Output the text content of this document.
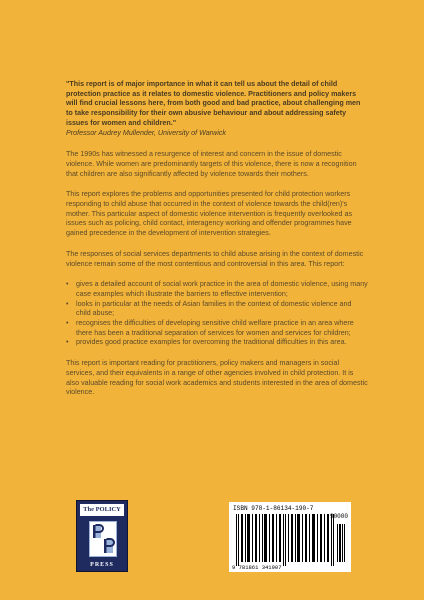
"This report is of major importance in what it can tell us about the detail of child protection practice as it relates to domestic violence. Practitioners and policy makers will find crucial lessons here, from both good and bad practice, about challenging men to take responsibility for their own abusive behaviour and about addressing safety issues for women and children."

Professor Audrey Mullender, University of Warwick

The 1990s has witnessed a resurgence of interest and concern in the issue of domestic violence. While women are predominantly targets of this violence, there is now a recognition that children are also significantly affected by violence towards their mothers.

This report explores the problems and opportunities presented for child protection workers responding to child abuse that occurred in the context of violence towards the child(ren)'s mother. This particular aspect of domestic violence intervention is frequently overlooked as issues such as policing, child contact, interagency working and offender programmes have gained precedence in the development of intervention strategies.

The responses of social services departments to child abuse arising in the context of domestic violence remain some of the most contentious and controversial in this area. This report:

• gives a detailed account of social work practice in the area of domestic violence, using many case examples which illustrate the barriers to effective intervention;
• looks in particular at the needs of Asian families in the context of domestic violence and child abuse;
• recognises the difficulties of developing sensitive child welfare practice in an area where there has been a traditional separation of services for women and services for children;
• provides good practice examples for overcoming the traditional difficulties in this area.

This report is important reading for practitioners, policy makers and managers in social services, and their equivalents in a range of other agencies involved in child protection. It is also valuable reading for social work academics and students interested in the area of domestic violence.

The POLICY
PRESS
ISBN 978-1-86134-190-7
9 781861 341907
90000
